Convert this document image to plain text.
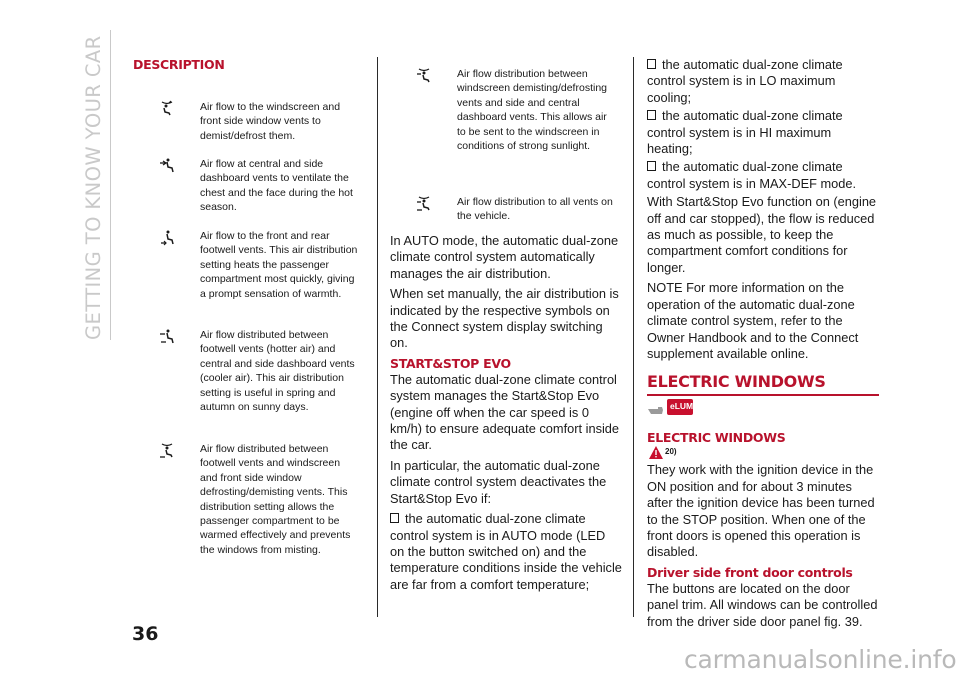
GETTING TO KNOW YOUR CAR
36
DESCRIPTION
Air flow to the windscreen and front side window vents to demist/defrost them.
Air flow at central and side dashboard vents to ventilate the chest and the face during the hot season.
Air flow to the front and rear footwell vents. This air distribution setting heats the passenger compartment most quickly, giving a prompt sensation of warmth.
Air flow distributed between footwell vents (hotter air) and central and side dashboard vents (cooler air). This air distribution setting is useful in spring and autumn on sunny days.
Air flow distributed between footwell vents and windscreen and front side window defrosting/demisting vents. This distribution setting allows the passenger compartment to be warmed effectively and prevents the windows from misting.
Air flow distribution between windscreen demisting/defrosting vents and side and central dashboard vents. This allows air to be sent to the windscreen in conditions of strong sunlight.
Air flow distribution to all vents on the vehicle.

In AUTO mode, the automatic dual-zone climate control system automatically manages the air distribution.

When set manually, the air distribution is indicated by the respective symbols on the Connect system display switching on.

START&STOP EVO

The automatic dual-zone climate control system manages the Start&Stop Evo (engine off when the car speed is 0 km/h) to ensure adequate comfort inside the car.

In particular, the automatic dual-zone climate control system deactivates the Start&Stop Evo if:

the automatic dual-zone climate control system is in AUTO mode (LED on the button switched on) and the temperature conditions inside the vehicle are far from a comfort temperature;

the automatic dual-zone climate control system is in LO maximum cooling;

the automatic dual-zone climate control system is in HI maximum heating;

the automatic dual-zone climate control system is in MAX-DEF mode.

With Start&Stop Evo function on (engine off and car stopped), the flow is reduced as much as possible, to keep the compartment comfort conditions for longer.

NOTE For more information on the operation of the automatic dual-zone climate control system, refer to the Owner Handbook and to the Connect supplement available online.

ELECTRIC WINDOWS
eLUM
ELECTRIC WINDOWS
20)

They work with the ignition device in the ON position and for about 3 minutes after the ignition device has been turned to the STOP position. When one of the front doors is opened this operation is disabled.

Driver side front door controls

The buttons are located on the door panel trim. All windows can be controlled from the driver side door panel fig. 39.

carmanualsonline.info
